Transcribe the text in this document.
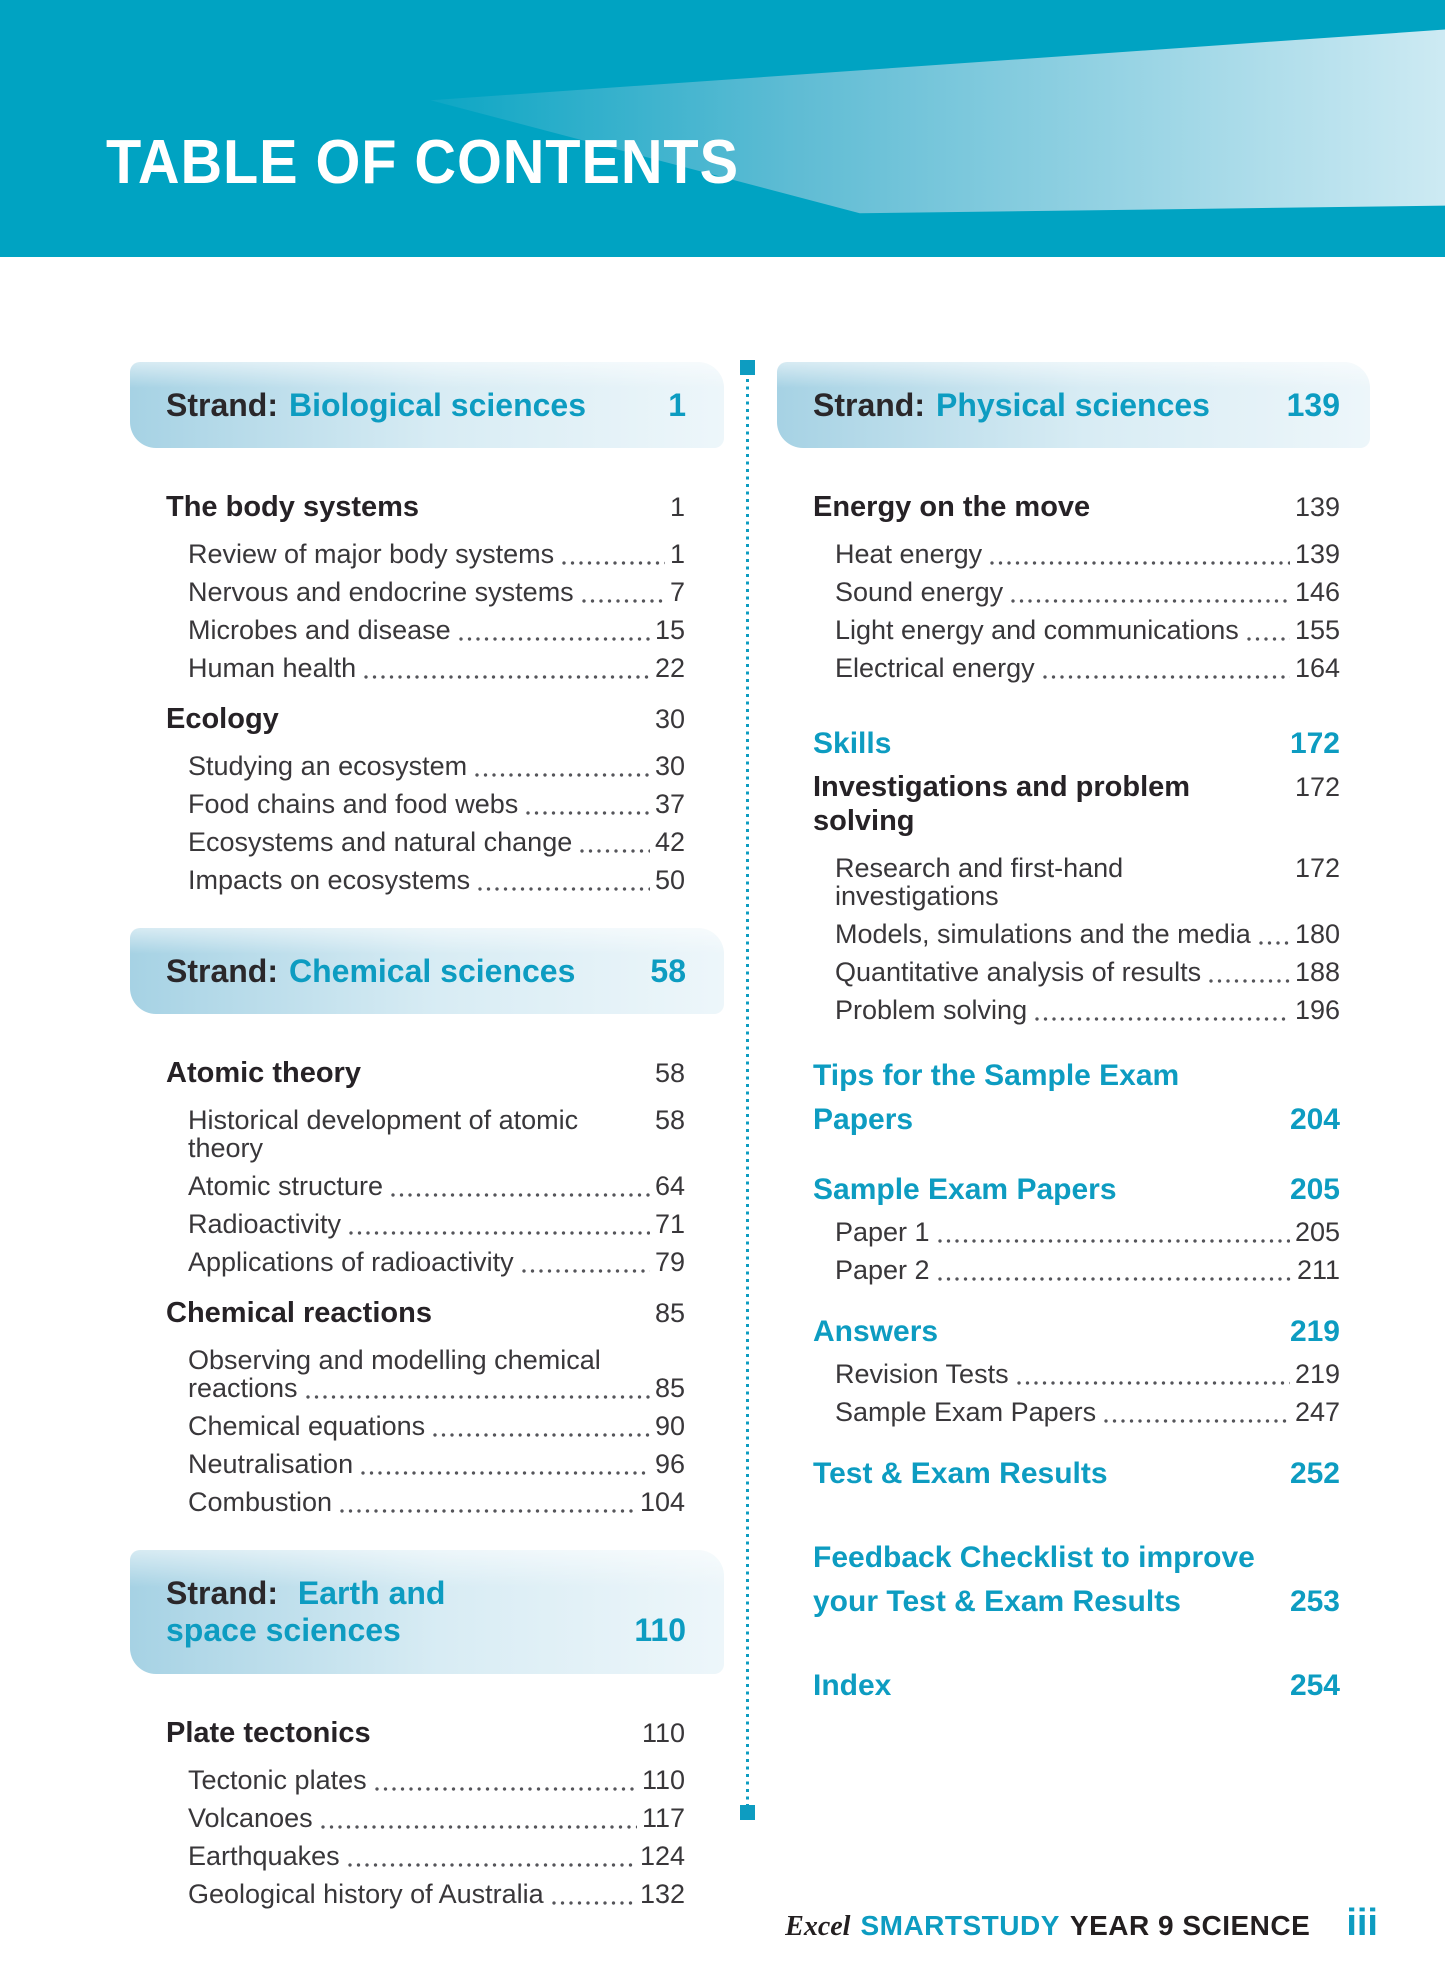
TABLE OF CONTENTS
Strand: Biological sciences	1
The body systems	1
Review of major body systems	1
Nervous and endocrine systems	7
Microbes and disease	15
Human health	22
Ecology	30
Studying an ecosystem	30
Food chains and food webs	37
Ecosystems and natural change	42
Impacts on ecosystems	50
Strand: Chemical sciences 58
Atomic theory	58
Historical development of atomic theory
58
Atomic structure	64
Radioactivity	71
Applications of radioactivity	79
Chemical reactions	85
Observing and modelling chemical
reactions	85
Chemical equations	90
Neutralisation	96
Combustion	104
Strand: Earth and
space sciences	110
Plate tectonics	110
Tectonic plates	110
Volcanoes	117
Earthquakes	124
Geological history of Australia	132
Strand: Physical sciences 139
Energy on the move	139
Heat energy	139
Sound energy	146
Light energy and communications 155
Electrical energy	164
Skills	172
Investigations and problem solving
172
Research and first-hand investigations
172
Models, simulations and the media 180
Quantitative analysis of results	188
Problem solving	196
Tips for the Sample Exam
Papers	204
Sample Exam Papers	205
Paper 1	205
Paper 2	211
Answers	219
Revision Tests	219
Sample Exam Papers	247
Test & Exam Results	252
Feedback Checklist to improve
your Test & Exam Results	253
Index	254
Excel SMARTSTUDY YEAR 9 SCIENCE iii
